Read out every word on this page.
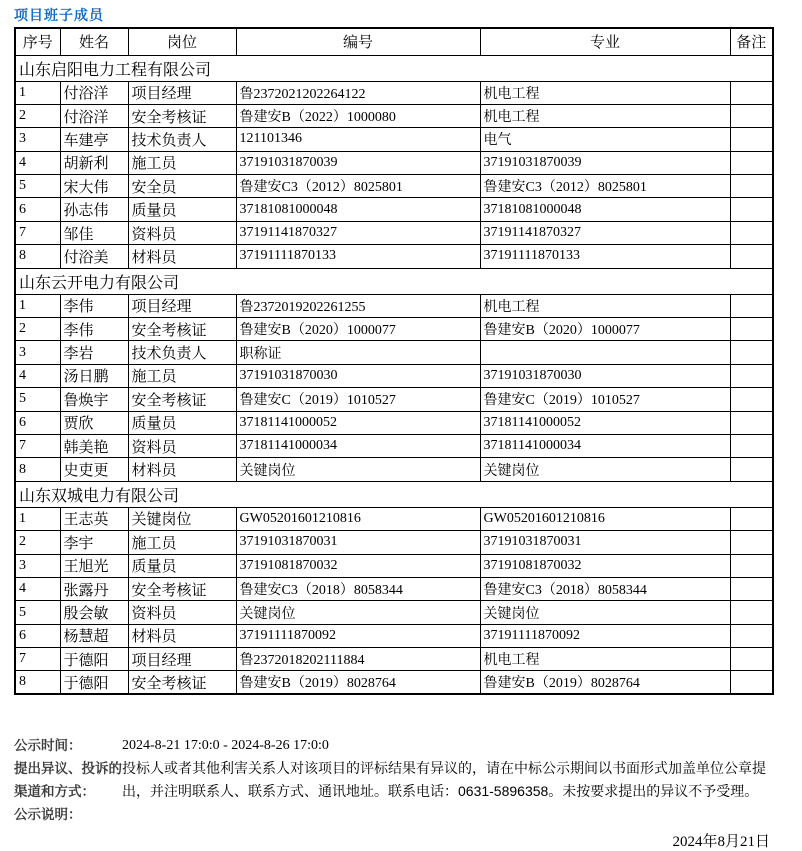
项目班子成员
序号	姓名	岗位	编号	专业	备注
山东启阳电力工程有限公司					
1	付浴洋	项目经理	鲁2372021202264122	机电工程	
2	付浴洋	安全考核证	鲁建安B（2022）1000080	机电工程	
3	车建亭	技术负责人	121101346	电气	
4	胡新利	施工员	37191031870039	37191031870039	
5	宋大伟	安全员	鲁建安C3（2012）8025801	鲁建安C3（2012）8025801	
6	孙志伟	质量员	37181081000048	37181081000048	
7	邹佳	资料员	37191141870327	37191141870327	
8	付浴美	材料员	37191111870133	37191111870133	
山东云开电力有限公司					
1	李伟	项目经理	鲁2372019202261255	机电工程	
2	李伟	安全考核证	鲁建安B（2020）1000077	鲁建安B（2020）1000077	
3	李岩	技术负责人	职称证		
4	汤日鹏	施工员	37191031870030	37191031870030	
5	鲁焕宇	安全考核证	鲁建安C（2019）1010527	鲁建安C（2019）1010527	
6	贾欣	质量员	37181141000052	37181141000052	
7	韩美艳	资料员	37181141000034	37181141000034	
8	史吏更	材料员	关键岗位	关键岗位	
山东双城电力有限公司					
1	王志英	关键岗位	GW05201601210816	GW05201601210816	
2	李宇	施工员	37191031870031	37191031870031	
3	王旭光	质量员	37191081870032	37191081870032	
4	张露丹	安全考核证	鲁建安C3（2018）8058344	鲁建安C3（2018）8058344	
5	殷会敏	资料员	关键岗位	关键岗位	
6	杨慧超	材料员	37191111870092	37191111870092	
7	于德阳	项目经理	鲁2372018202111884	机电工程	
8	于德阳	安全考核证	鲁建安B（2019）8028764	鲁建安B（2019）8028764	
公示时间：	2024-8-21 17:0:0 - 2024-8-26 17:0:0
提出异议、投诉的 投标人或者其他利害关系人对该项目的评标结果有异议的，请在中标公示期间以书面形式加盖单位公章提
渠道和方式：	出，并注明联系人、联系方式、通讯地址。联系电话：0631-5896358。未按要求提出的异议不予受理。
公示说明：
2024年8月21日
